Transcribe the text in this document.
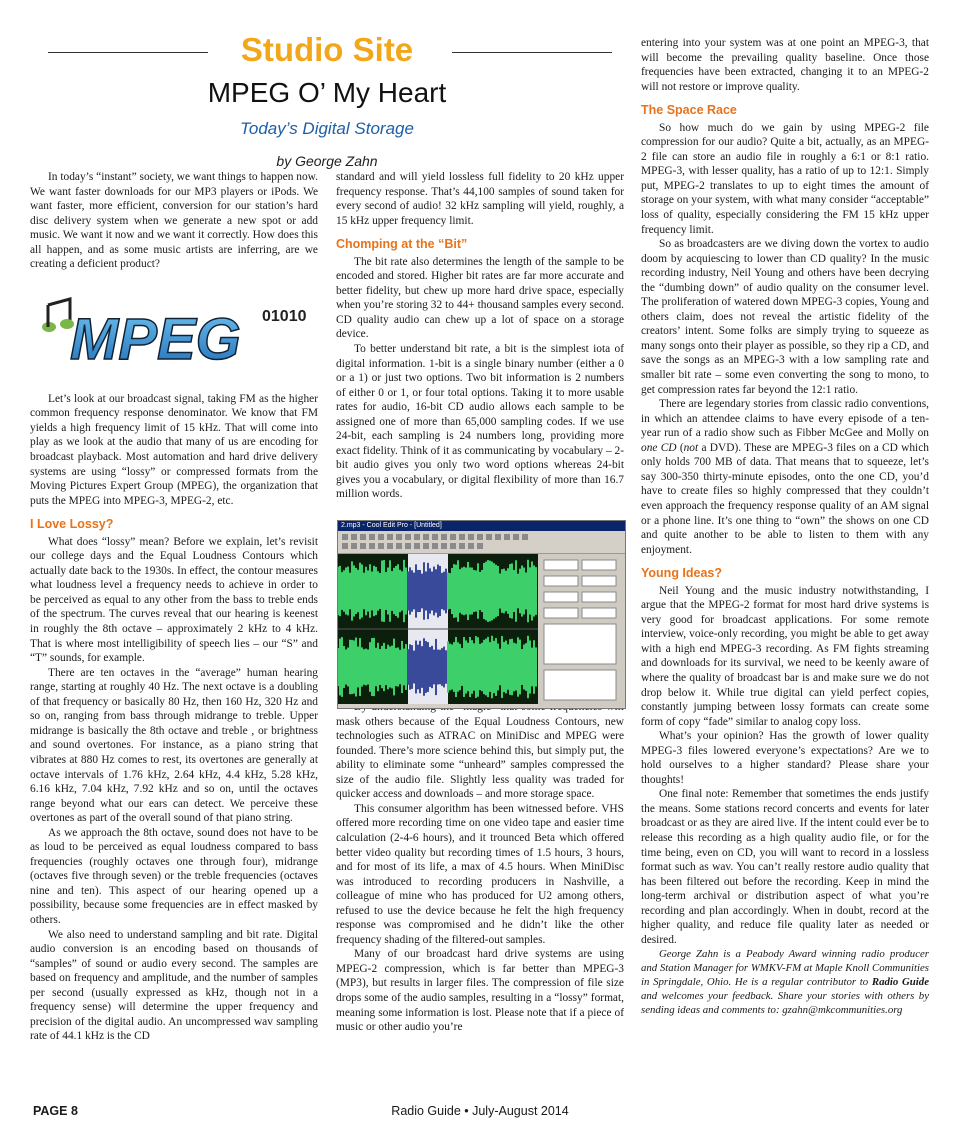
Studio Site
MPEG O’ My Heart
Today’s Digital Storage
by George Zahn

In today’s “instant” society, we want things to happen now. We want faster downloads for our MP3 players or iPods. We want faster, more efficient, conversion for our station’s hard disc delivery system when we generate a new spot or add music. We want it now and we want it correctly. How does this all happen, and as some music artists are inferring, are we creating a deficient product?

Let’s look at our broadcast signal, taking FM as the higher common frequency response denominator. We know that FM yields a high frequency limit of 15 kHz. That will come into play as we look at the audio that many of us are encoding for broadcast playback. Most automation and hard drive delivery systems are using “lossy” or compressed formats from the Moving Pictures Expert Group (MPEG), the organization that puts the MPEG into MPEG-3, MPEG-2, etc.

I Love Lossy?

What does “lossy” mean? Before we explain, let’s revisit our college days and the Equal Loudness Contours which actually date back to the 1930s. In effect, the contour measures what loudness level a frequency needs to achieve in order to be perceived as equal to any other from the bass to treble ends of the spectrum. The curves reveal that our hearing is keenest in roughly the 8th octave – approximately 2 kHz to 4 kHz. That is where most intelligibility of speech lies – our “S” and “T” sounds, for example.

There are ten octaves in the “average” human hearing range, starting at roughly 40 Hz. The next octave is a doubling of that frequency or basically 80 Hz, then 160 Hz, 320 Hz and so on, ranging from bass through midrange to treble. Upper midrange is basically the 8th octave and treble , or brightness and sound overtones. For instance, as a piano string that vibrates at 880 Hz comes to rest, its overtones are generally at octave intervals of 1.76 kHz, 2.64 kHz, 4.4 kHz, 5.28 kHz, 6.16 kHz, 7.04 kHz, 7.92 kHz and so on, until the octaves range beyond what our ears can detect. We perceive these overtones as part of the overall sound of that piano string.

As we approach the 8th octave, sound does not have to be as loud to be perceived as equal loudness compared to bass frequencies (roughly octaves one through four), midrange (octaves five through seven) or the treble frequencies (octaves nine and ten). This aspect of our hearing opened up a possibility, because some frequencies are in effect masked by others.

We also need to understand sampling and bit rate. Digital audio conversion is an encoding based on thousands of “samples” of sound or audio every second. The samples are based on frequency and amplitude, and the number of samples per second (usually expressed as kHz, though not in a frequency sense) will determine the upper frequency and precision of the digital audio. An uncompressed wav sampling rate of 44.1 kHz is the CD

MPEG 01010

standard and will yield lossless full fidelity to 20 kHz upper frequency response. That’s 44,100 samples of sound taken for every second of audio! 32 kHz sampling will yield, roughly, a 15 kHz upper frequency limit.

Chomping at the “Bit”

The bit rate also determines the length of the sample to be encoded and stored. Higher bit rates are far more accurate and better fidelity, but chew up more hard drive space, especially when you’re storing 32 to 44+ thousand samples every second. CD quality audio can chew up a lot of space on a storage device.

To better understand bit rate, a bit is the simplest iota of digital information. 1-bit is a single binary number (either a 0 or a 1) or just two options. Two bit information is 2 numbers of either 0 or 1, or four total options. Taking it to more usable rates for audio, 16-bit CD audio allows each sample to be assigned one of more than 65,000 sampling codes. If we use 24-bit, each sampling is 24 numbers long, providing more exact fidelity. Think of it as communicating by vocabulary – 2-bit audio gives you only two word options whereas 24-bit gives you a vocabulary, or digital flexibility of more than 16.7 million words.

mask others because of the Equal Loudness Contours, new technologies such as ATRAC on MiniDisc and MPEG were founded. There’s more science behind this, but simply put, the ability to eliminate some “unheard” samples compressed the size of the audio file. Slightly less quality was traded for quicker access and downloads – and more storage space.

This consumer algorithm has been witnessed before. VHS offered more recording time on one video tape and easier time calculation (2-4-6 hours), and it trounced Beta which offered better video quality but recording times of 1.5 hours, 3 hours, and for most of its life, a max of 4.5 hours. When MiniDisc was introduced to recording producers in Nashville, a colleague of mine who has produced for U2 among others, refused to use the device because he felt the high frequency response was compromised and he didn’t like the other frequency shading of the filtered-out samples.

Many of our broadcast hard drive systems are using MPEG-2 compression, which is far better than MPEG-3 (MP3), but results in larger files. The compression of file size drops some of the audio samples, resulting in a “lossy” format, meaning some information is lost. Please note that if a piece of music or other audio you’re

2.mp3 - Cool Edit Pro - [Untitled]

entering into your system was at one point an MPEG-3, that will become the prevailing quality baseline. Once those frequencies have been extracted, changing it to an MPEG-2 will not restore or improve quality.

The Space Race

So how much do we gain by using MPEG-2 file compression for our audio? Quite a bit, actually, as an MPEG-2 file can store an audio file in roughly a 6:1 or 8:1 ratio. MPEG-3, with lesser quality, has a ratio of up to 12:1. Simply put, MPEG-2 translates to up to eight times the amount of storage on your system, with what many consider “acceptable” loss of quality, especially considering the FM 15 kHz upper frequency limit.

So as broadcasters are we diving down the vortex to audio doom by acquiescing to lower than CD quality? In the music recording industry, Neil Young and others have been decrying the “dumbing down” of audio quality on the consumer level. The proliferation of watered down MPEG-3 copies, Young and others claim, does not reveal the artistic fidelity of the creators’ intent. Some folks are simply trying to squeeze as many songs onto their player as possible, so they rip a CD, and save the songs as an MPEG-3 with a low sampling rate and smaller bit rate – some even converting the song to mono, to get compression rates far beyond the 12:1 ratio.

There are legendary stories from classic radio conventions, in which an attendee claims to have every episode of a ten-year run of a radio show such as Fibber McGee and Molly on one CD (not a DVD). These are MPEG-3 files on a CD which only holds 700 MB of data. That means that to squeeze, let’s say 300-350 thirty-minute episodes, onto the one CD, you’d have to create files so highly compressed that they couldn’t even approach the frequency response quality of an AM signal or a phone line. It’s one thing to “own” the shows on one CD and quite another to be able to listen to them with any enjoyment.

Young Ideas?

Neil Young and the music industry notwithstanding, I argue that the MPEG-2 format for most hard drive systems is very good for broadcast applications. For some remote interview, voice-only recording, you might be able to get away with a high end MPEG-3 recording. As FM fights streaming and downloads for its survival, we need to be keenly aware of where the quality of broadcast bar is and make sure we do not drop below it. While true digital can yield perfect copies, constantly jumping between lossy formats can create some form of copy “fade” similar to analog copy loss.

What’s your opinion? Has the growth of lower quality MPEG-3 files lowered everyone’s expectations? Are we to hold ourselves to a higher standard? Please share your thoughts!

One final note: Remember that sometimes the ends justify the means. Some stations record concerts and events for later broadcast or as they are aired live. If the intent could ever be to release this recording as a high quality audio file, or for the time being, even on CD, you will want to record in a lossless format such as wav. You can’t really restore audio quality that has been filtered out before the recording. Keep in mind the long-term archival or distribution aspect of what you’re recording and plan accordingly. When in doubt, record at the higher quality, and reduce file quality later as needed or desired.

George Zahn is a Peabody Award winning radio producer and Station Manager for WMKV-FM at Maple Knoll Communities in Springdale, Ohio. He is a regular contributor to Radio Guide and welcomes your feedback. Share your stories with others by sending ideas and comments to: gzahn@mkcommunities.org

PAGE 8	Radio Guide • July-August 2014
